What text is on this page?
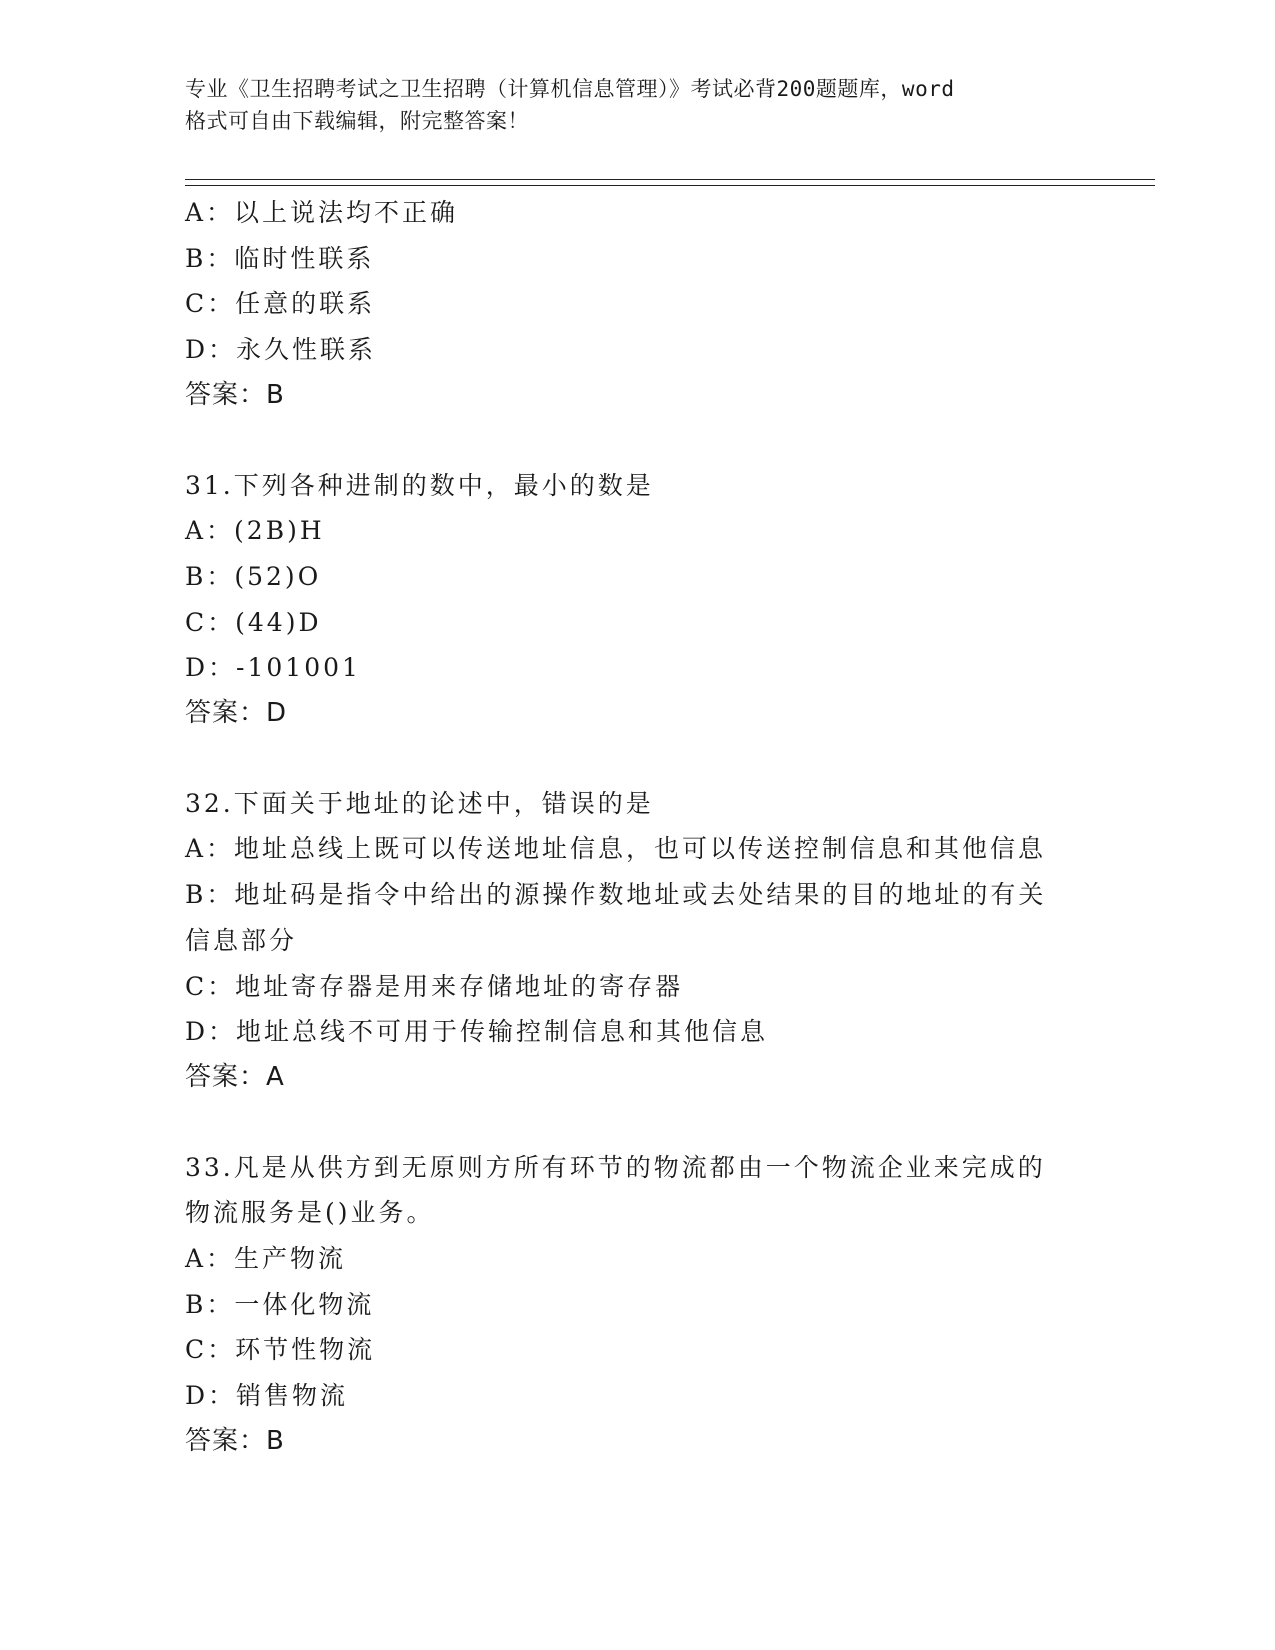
专业《卫生招聘考试之卫生招聘（计算机信息管理）》考试必背200题题库，word
格式可自由下载编辑，附完整答案！
A：以上说法均不正确
B：临时性联系
C：任意的联系
D：永久性联系
答案：B
31.下列各种进制的数中，最小的数是
A：(2B)H
B：(52)O
C：(44)D
D：-101001
答案：D
32.下面关于地址的论述中，错误的是
A：地址总线上既可以传送地址信息，也可以传送控制信息和其他信息
B：地址码是指令中给出的源操作数地址或去处结果的目的地址的有关
信息部分
C：地址寄存器是用来存储地址的寄存器
D：地址总线不可用于传输控制信息和其他信息
答案：A
33.凡是从供方到无原则方所有环节的物流都由一个物流企业来完成的
物流服务是()业务。
A：生产物流
B：一体化物流
C：环节性物流
D：销售物流
答案：B
